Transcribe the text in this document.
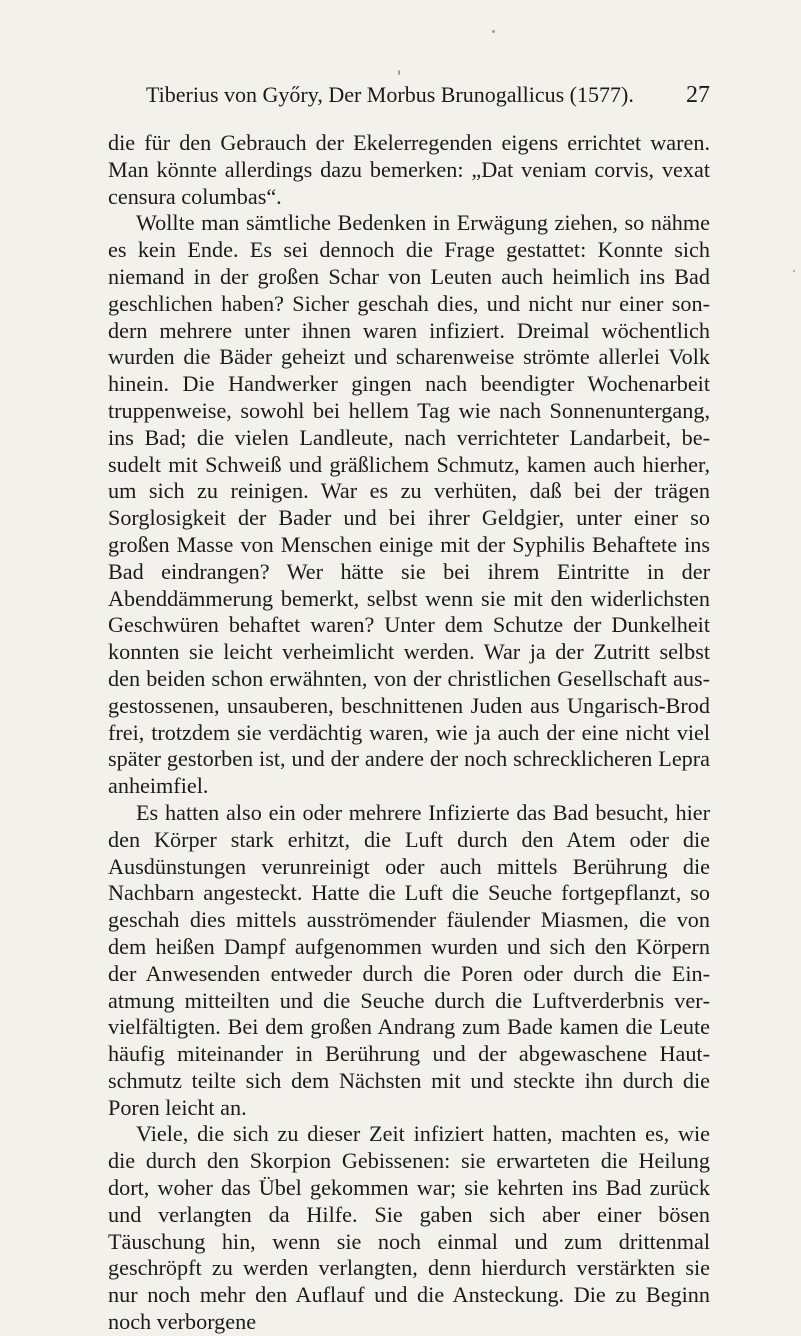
Tiberius von Győry, Der Morbus Brunogallicus (1577). 27

die für den Gebrauch der Ekelerregenden eigens errichtet waren. Man könnte allerdings dazu bemerken: „Dat veniam corvis, vexat censura columbas“.

Wollte man sämtliche Bedenken in Erwägung ziehen, so nähme es kein Ende. Es sei dennoch die Frage gestattet: Konnte sich niemand in der großen Schar von Leuten auch heimlich ins Bad geschlichen haben? Sicher geschah dies, und nicht nur einer sondern mehrere unter ihnen waren infiziert. Dreimal wöchentlich wurden die Bäder geheizt und scharenweise strömte allerlei Volk hinein. Die Handwerker gingen nach beendigter Wochenarbeit truppenweise, sowohl bei hellem Tag wie nach Sonnenuntergang, ins Bad; die vielen Landleute, nach verrichteter Landarbeit, besudelt mit Schweiß und gräßlichem Schmutz, kamen auch hierher, um sich zu reinigen. War es zu verhüten, daß bei der trägen Sorglosigkeit der Bader und bei ihrer Geldgier, unter einer so großen Masse von Menschen einige mit der Syphilis Behaftete ins Bad eindrangen? Wer hätte sie bei ihrem Eintritte in der Abenddämmerung bemerkt, selbst wenn sie mit den widerlichsten Geschwüren behaftet waren? Unter dem Schutze der Dunkelheit konnten sie leicht verheimlicht werden. War ja der Zutritt selbst den beiden schon erwähnten, von der christlichen Gesellschaft ausgestossenen, unsauberen, beschnittenen Juden aus Ungarisch-Brod frei, trotzdem sie verdächtig waren, wie ja auch der eine nicht viel später gestorben ist, und der andere der noch schrecklicheren Lepra anheimfiel.

Es hatten also ein oder mehrere Infizierte das Bad besucht, hier den Körper stark erhitzt, die Luft durch den Atem oder die Ausdünstungen verunreinigt oder auch mittels Berührung die Nachbarn angesteckt. Hatte die Luft die Seuche fortgepflanzt, so geschah dies mittels ausströmender fäulender Miasmen, die von dem heißen Dampf aufgenommen wurden und sich den Körpern der Anwesenden entweder durch die Poren oder durch die Einatmung mitteilten und die Seuche durch die Luftverderbnis vervielfältigten. Bei dem großen Andrang zum Bade kamen die Leute häufig miteinander in Berührung und der abgewaschene Hautschmutz teilte sich dem Nächsten mit und steckte ihn durch die Poren leicht an.

Viele, die sich zu dieser Zeit infiziert hatten, machten es, wie die durch den Skorpion Gebissenen: sie erwarteten die Heilung dort, woher das Übel gekommen war; sie kehrten ins Bad zurück und verlangten da Hilfe. Sie gaben sich aber einer bösen Täuschung hin, wenn sie noch einmal und zum drittenmal geschröpft zu werden verlangten, denn hierdurch verstärkten sie nur noch mehr den Auflauf und die Ansteckung. Die zu Beginn noch verborgene
